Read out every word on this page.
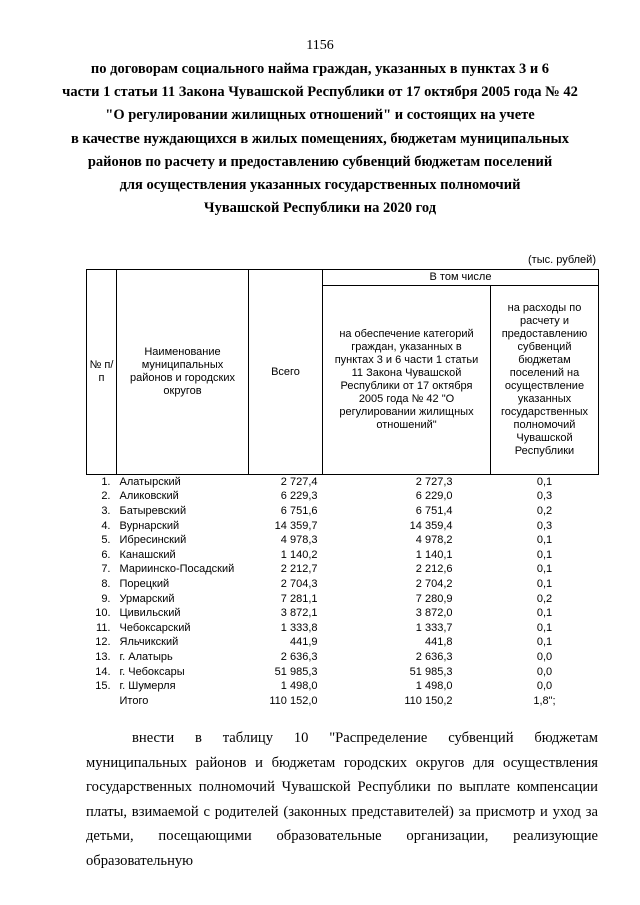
1156
по договорам социального найма граждан, указанных в пунктах 3 и 6
части 1 статьи 11 Закона Чувашской Республики от 17 октября 2005 года № 42
"О регулировании жилищных отношений" и состоящих на учете
в качестве нуждающихся в жилых помещениях, бюджетам муниципальных
районов по расчету и предоставлению субвенций бюджетам поселений
для осуществления указанных государственных полномочий
Чувашской Республики на 2020 год
(тыс. рублей)
№ п/п	Наименование муниципальных районов и городских округов	Всего	В том числе	
			на обеспечение категорий граждан, указанных в пунктах 3 и 6 части 1 статьи 11 Закона Чувашской Республики от 17 октября 2005 года № 42 "О регулировании жилищных отношений"	на расходы по расчету и предоставлению субвенций бюджетам поселений на осуществление указанных государственных полномочий Чувашской Республики
1.	Алатырский	2 727,4	2 727,3	0,1
2.	Аликовский	6 229,3	6 229,0	0,3
3.	Батыревский	6 751,6	6 751,4	0,2
4.	Вурнарский	14 359,7	14 359,4	0,3
5.	Ибресинский	4 978,3	4 978,2	0,1
6.	Канашский	1 140,2	1 140,1	0,1
7.	Мариинско-Посадский	2 212,7	2 212,6	0,1
8.	Порецкий	2 704,3	2 704,2	0,1
9.	Урмарский	7 281,1	7 280,9	0,2
10.	Цивильский	3 872,1	3 872,0	0,1
11.	Чебоксарский	1 333,8	1 333,7	0,1
12.	Яльчикский	441,9	441,8	0,1
13.	г. Алатырь	2 636,3	2 636,3	0,0
14.	г. Чебоксары	51 985,3	51 985,3	0,0
15.	г. Шумерля	1 498,0	1 498,0	0,0
	Итого	110 152,0	110 150,2	1,8";
внести в таблицу 10 "Распределение субвенций бюджетам муниципальных районов и бюджетам городских округов для осуществления государственных полномочий Чувашской Республики по выплате компенсации платы, взимаемой с родителей (законных представителей) за присмотр и уход за детьми, посещающими образовательные организации, реализующие образовательную
